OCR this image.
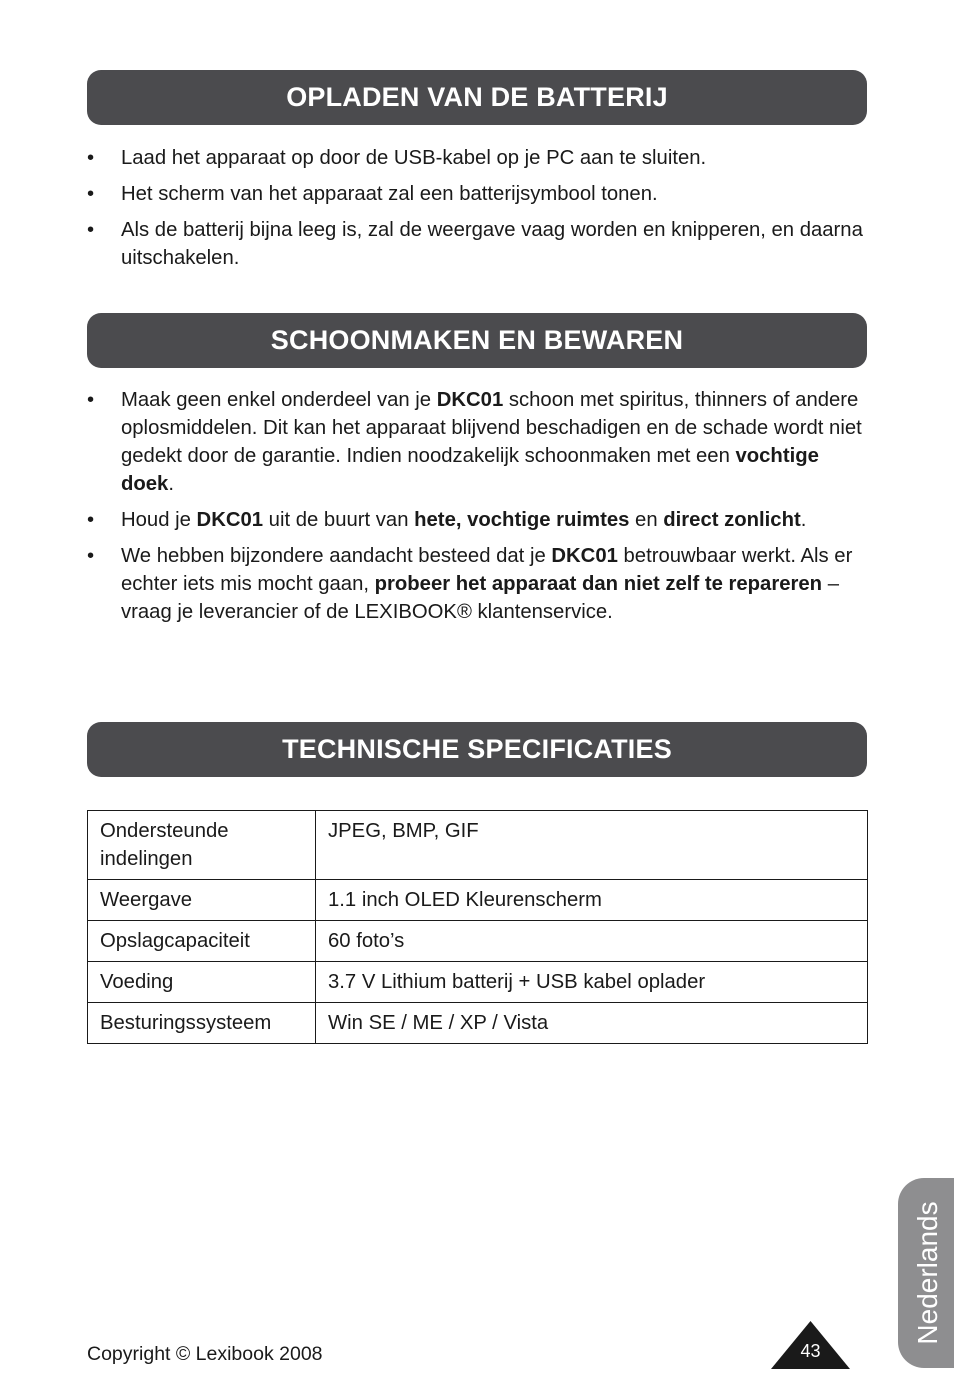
OPLADEN VAN DE BATTERIJ
• Laad het apparaat op door de USB-kabel op je PC aan te sluiten.
• Het scherm van het apparaat zal een batterijsymbool tonen.
• Als de batterij bijna leeg is, zal de weergave vaag worden en knipperen, en daarna uitschakelen.
SCHOONMAKEN EN BEWAREN
• Maak geen enkel onderdeel van je DKC01 schoon met spiritus, thinners of andere oplosmiddelen. Dit kan het apparaat blijvend beschadigen en de schade wordt niet gedekt door de garantie. Indien noodzakelijk schoonmaken met een vochtige doek.
• Houd je DKC01 uit de buurt van hete, vochtige ruimtes en direct zonlicht.
• We hebben bijzondere aandacht besteed dat je DKC01 betrouwbaar werkt. Als er echter iets mis mocht gaan, probeer het apparaat dan niet zelf te repareren – vraag je leverancier of de LEXIBOOK® klantenservice.
TECHNISCHE SPECIFICATIES
Ondersteunde indelingen	JPEG, BMP, GIF
Weergave	1.1 inch OLED Kleurenscherm
Opslagcapaciteit	60 foto’s
Voeding	3.7 V Lithium batterij + USB kabel oplader
Besturingssysteem	Win SE / ME / XP / Vista
Nederlands
Copyright © Lexibook 2008	43
